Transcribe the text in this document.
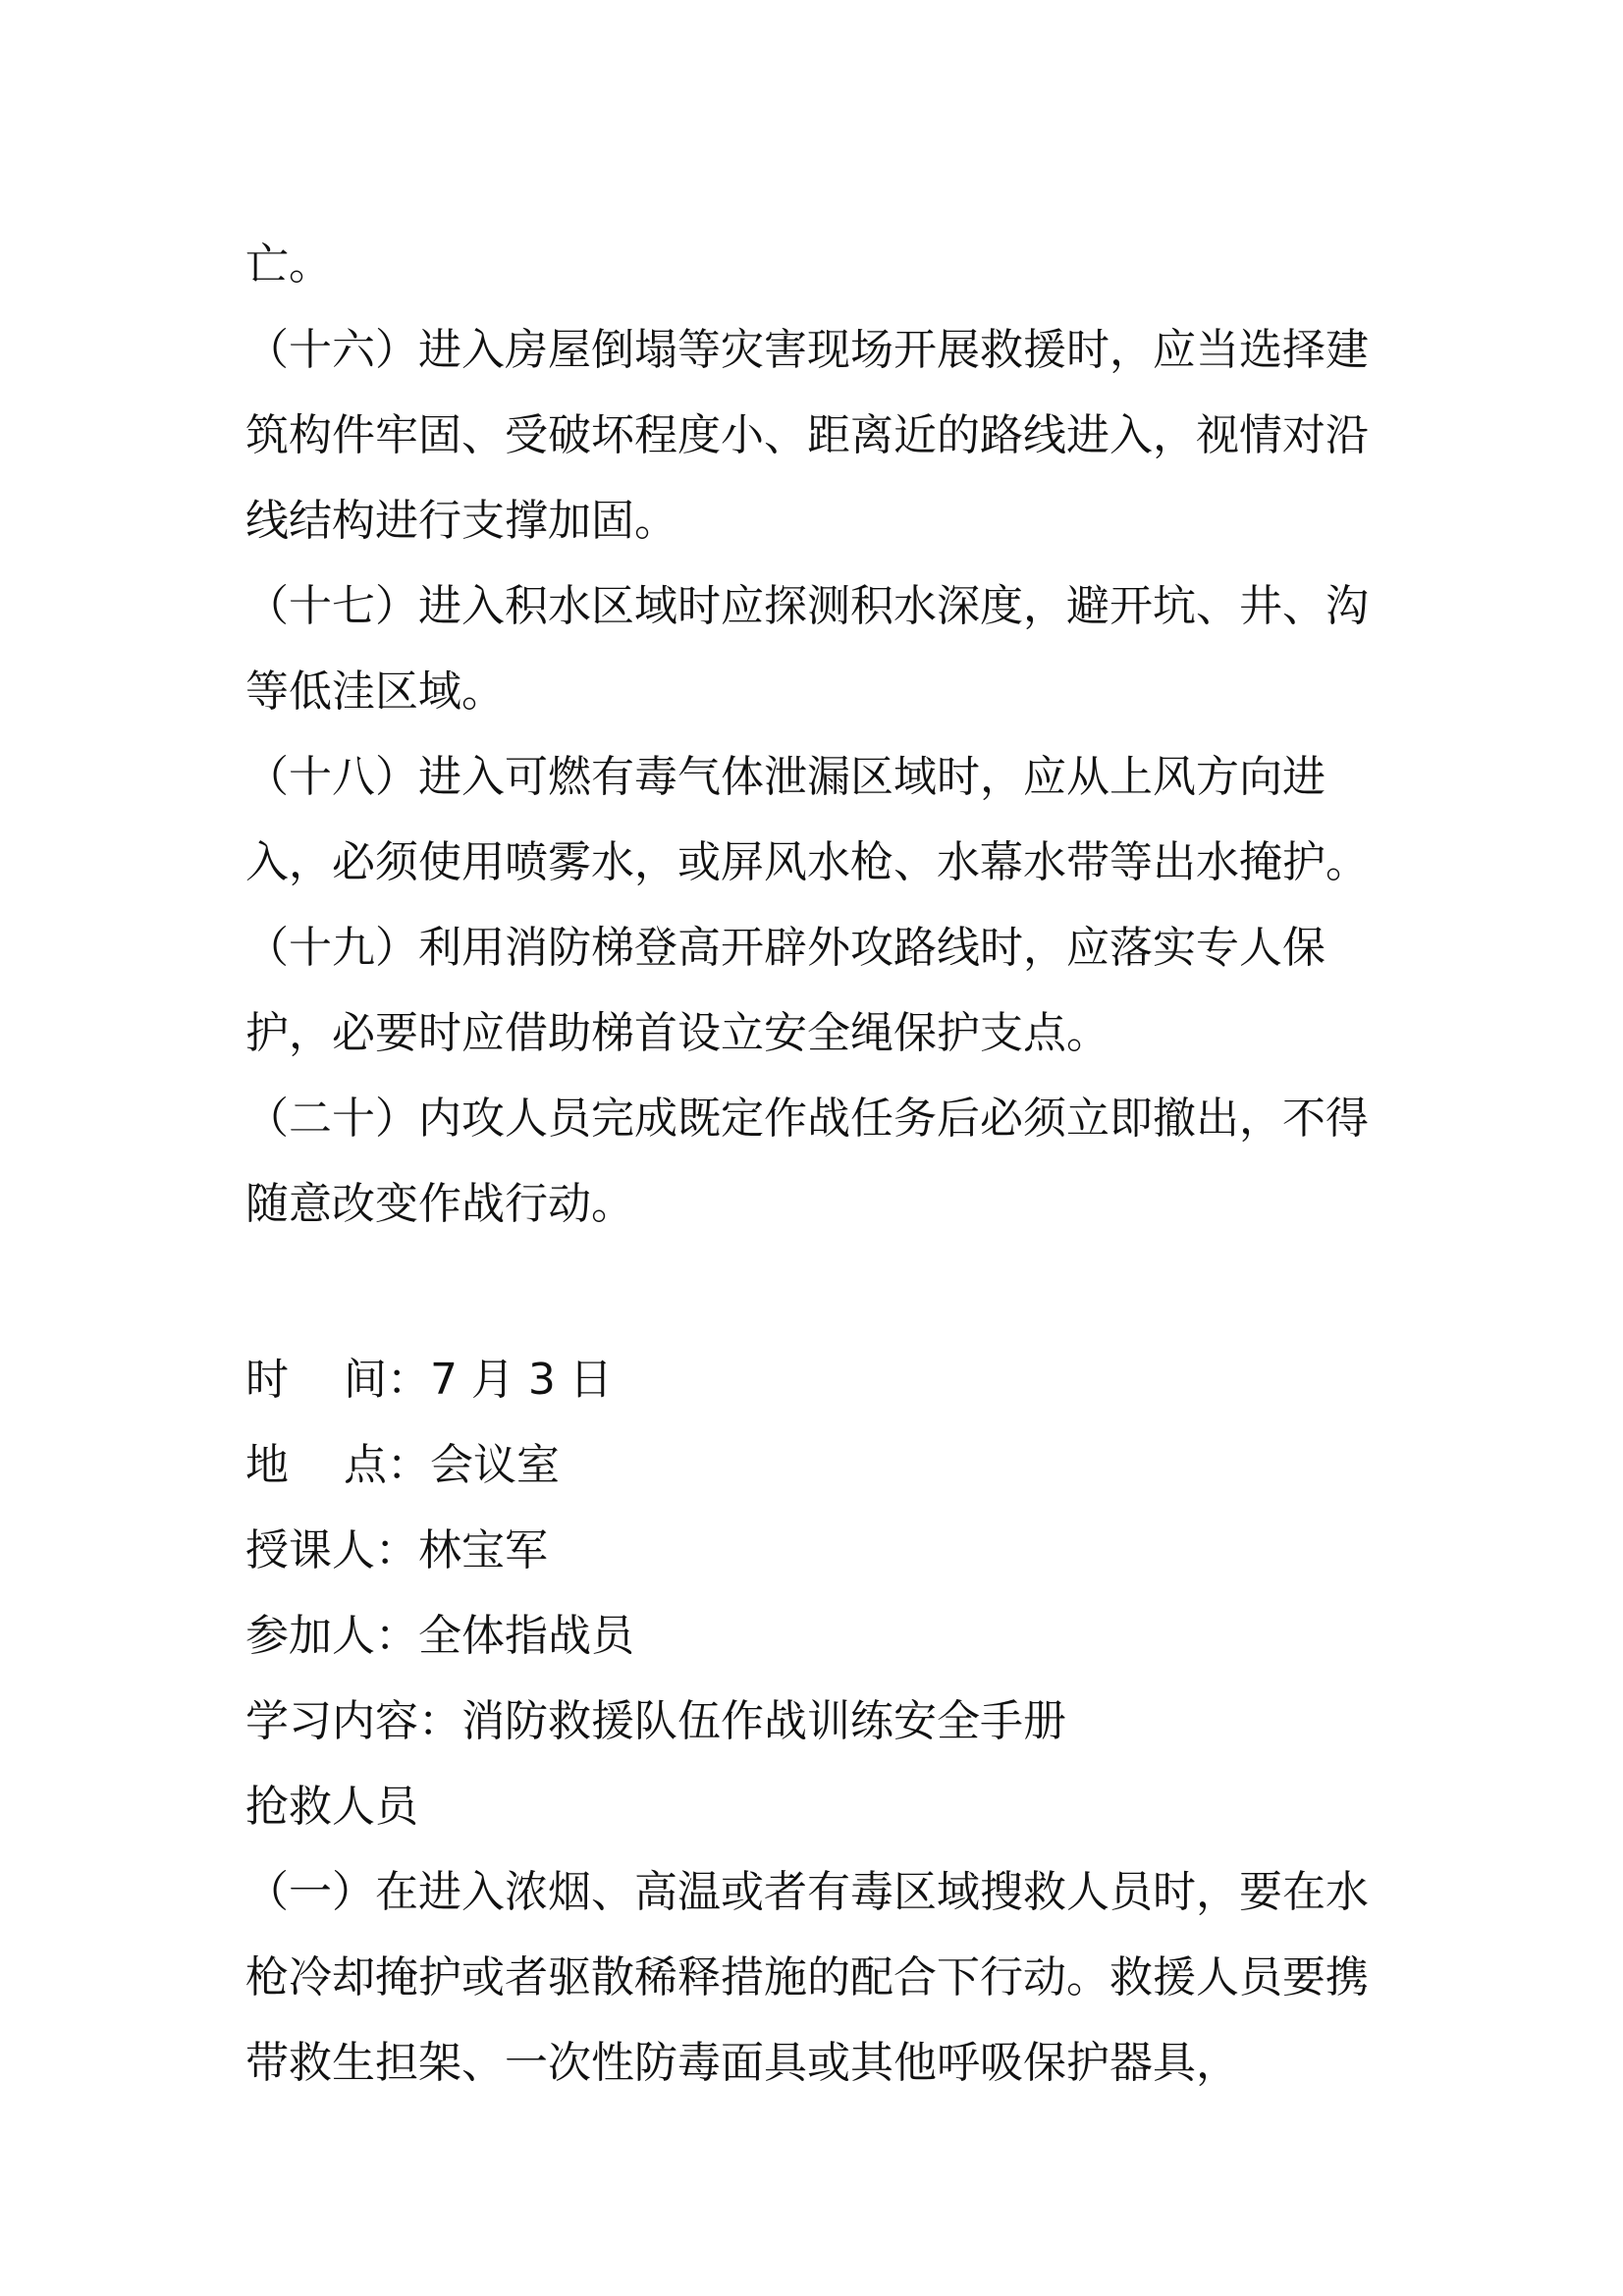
亡。

（十六）进入房屋倒塌等灾害现场开展救援时，应当选择建筑构件牢固、受破坏程度小、距离近的路线进入，视情对沿线结构进行支撑加固。

（十七）进入积水区域时应探测积水深度，避开坑、井、沟等低洼区域。

（十八）进入可燃有毒气体泄漏区域时，应从上风方向进入，必须使用喷雾水，或屏风水枪、水幕水带等出水掩护。

（十九）利用消防梯登高开辟外攻路线时，应落实专人保护，必要时应借助梯首设立安全绳保护支点。

（二十）内攻人员完成既定作战任务后必须立即撤出，不得随意改变作战行动。

时    间：7 月 3 日

地    点：会议室

授课人：林宝军

参加人：全体指战员

学习内容：消防救援队伍作战训练安全手册

抢救人员

（一）在进入浓烟、高温或者有毒区域搜救人员时，要在水枪冷却掩护或者驱散稀释措施的配合下行动。救援人员要携带救生担架、一次性防毒面具或其他呼吸保护器具，
